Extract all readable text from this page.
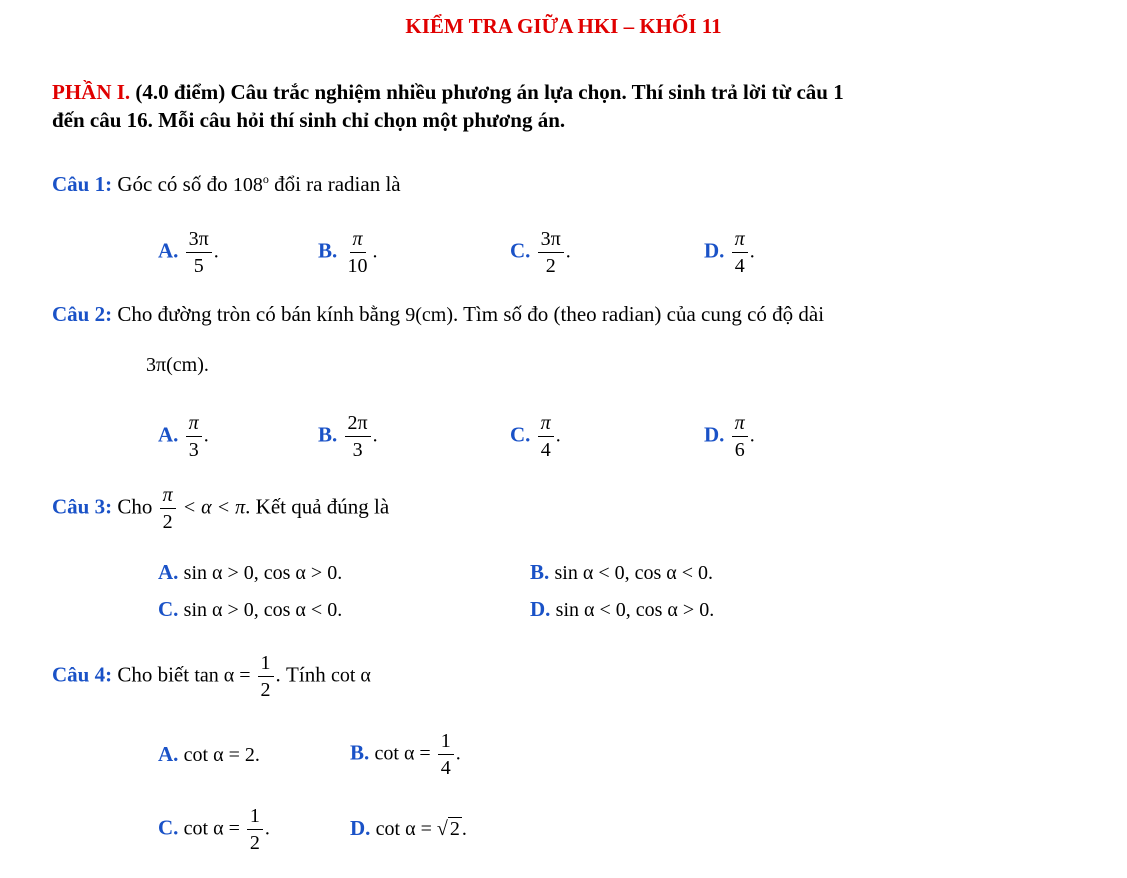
KIỂM TRA GIỮA HKI – KHỐI 11
PHẦN I. (4.0 điểm) Câu trắc nghiệm nhiều phương án lựa chọn. Thí sinh trả lời từ câu 1
đến câu 16. Mỗi câu hỏi thí sinh chỉ chọn một phương án.
Câu 1: Góc có số đo 108$^o$ đổi ra radian là
A. $\frac{3\pi}{5}$ .	B. $\frac{\pi}{10}$ .	C. $\frac{3\pi}{2}$ .	D. $\frac{\pi}{4}$ .
Câu 2: Cho đường tròn có bán kính bằng 9(cm). Tìm số đo (theo radian) của cung có độ dài
3π(cm).
A. $\frac{\pi}{3}$ .	B. $\frac{2\pi}{3}$ .	C. $\frac{\pi}{4}$ .	D. $\frac{\pi}{6}$ .
Câu 3: Cho $\frac{\pi}{2} < \alpha < \pi$. Kết quả đúng là
A. sin α > 0, cos α > 0.	B. sin α < 0, cos α < 0.
C. sin α > 0, cos α < 0.	D. sin α < 0, cos α > 0.
Câu 4: Cho biết $\tan \alpha = \frac{1}{2}$ . Tính cot α
A. cot α = 2.	B. $\cot \alpha = \frac{1}{4}$ .
C. $\cot \alpha = \frac{1}{2}$ .	D. cot α = √ 2 .
